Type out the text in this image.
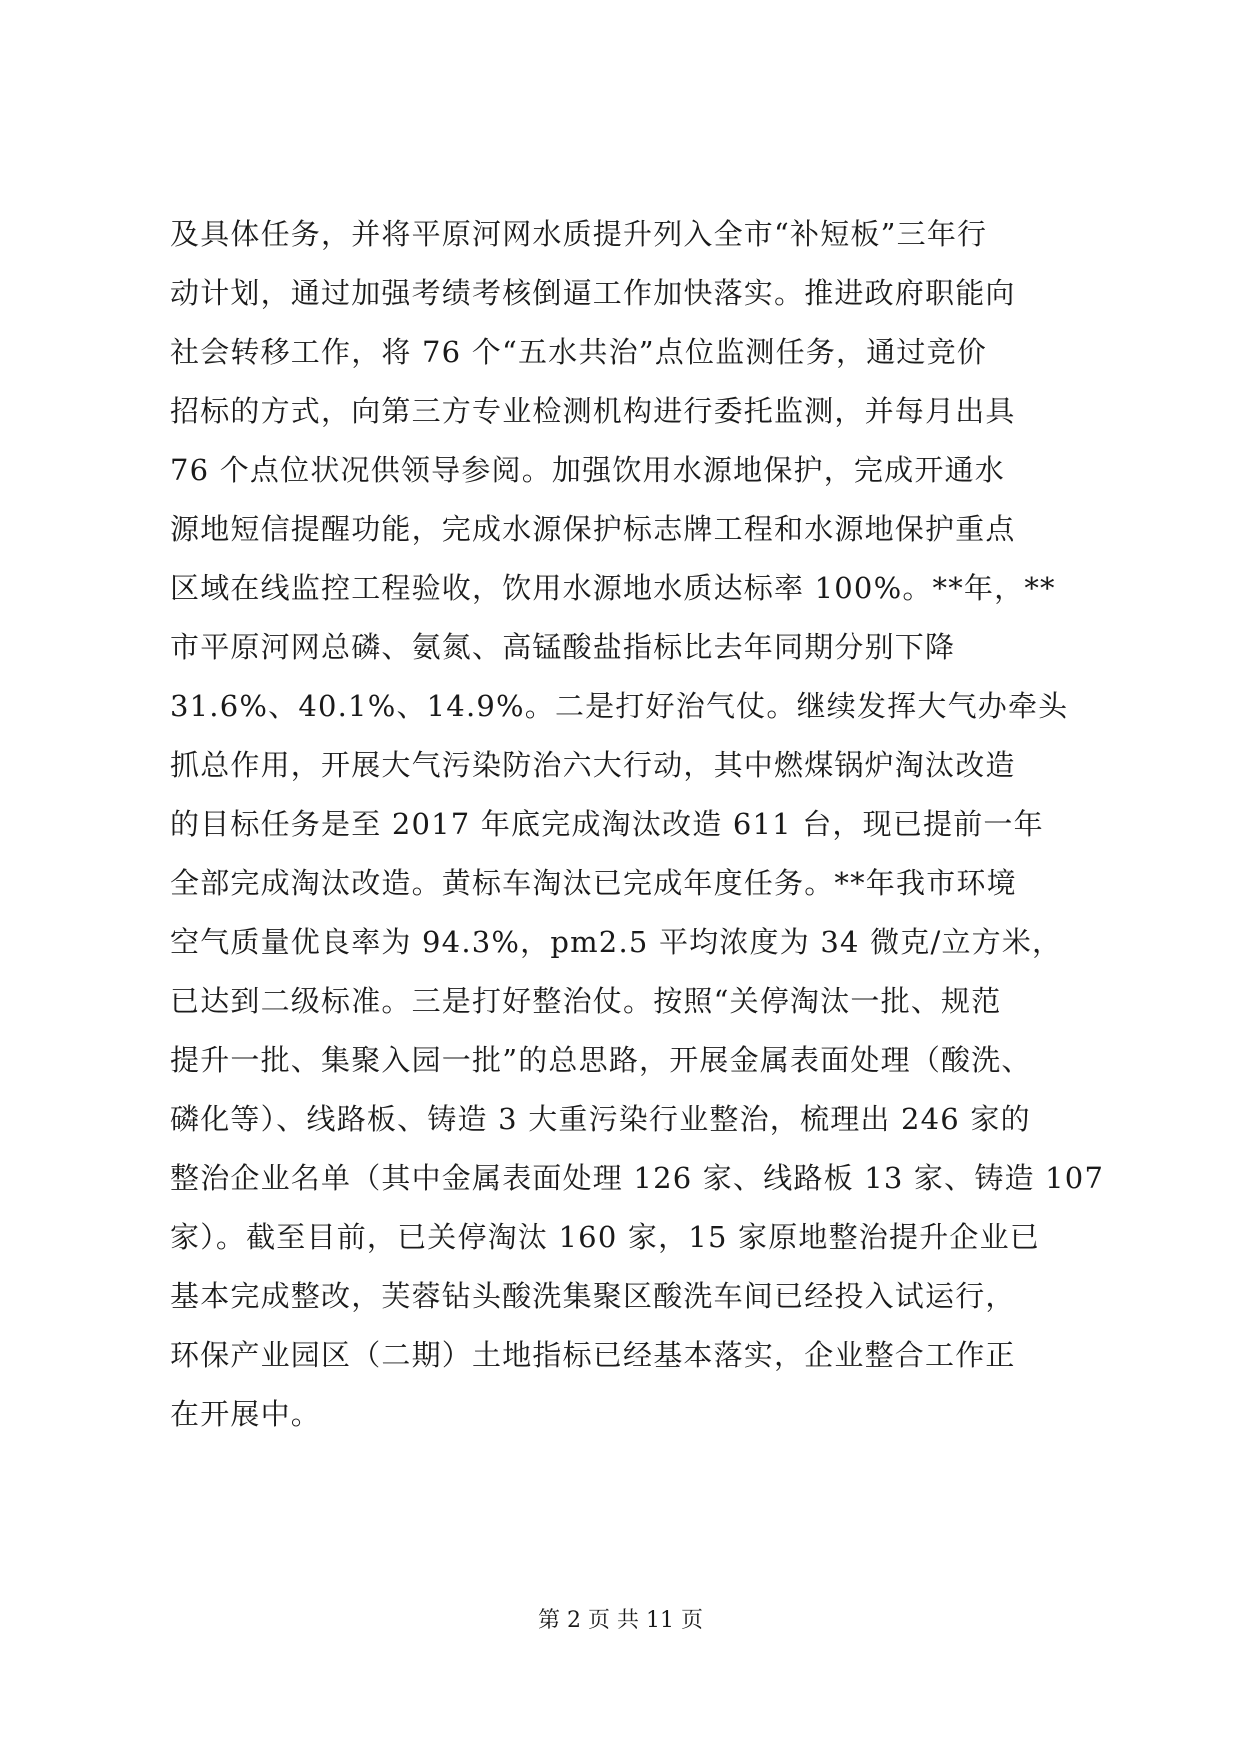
及具体任务，并将平原河网水质提升列入全市“补短板”三年行
动计划，通过加强考绩考核倒逼工作加快落实。推进政府职能向
社会转移工作，将 76 个“五水共治”点位监测任务，通过竞价
招标的方式，向第三方专业检测机构进行委托监测，并每月出具
76 个点位状况供领导参阅。加强饮用水源地保护，完成开通水
源地短信提醒功能，完成水源保护标志牌工程和水源地保护重点
区域在线监控工程验收，饮用水源地水质达标率 100%。**年，**
市平原河网总磷、氨氮、高锰酸盐指标比去年同期分别下降
31.6%、40.1%、14.9%。二是打好治气仗。继续发挥大气办牵头
抓总作用，开展大气污染防治六大行动，其中燃煤锅炉淘汰改造
的目标任务是至 2017 年底完成淘汰改造 611 台，现已提前一年
全部完成淘汰改造。黄标车淘汰已完成年度任务。**年我市环境
空气质量优良率为 94.3%，pm2.5 平均浓度为 34 微克/立方米，
已达到二级标准。三是打好整治仗。按照“关停淘汰一批、规范
提升一批、集聚入园一批”的总思路，开展金属表面处理（酸洗、
磷化等）、线路板、铸造 3 大重污染行业整治，梳理出 246 家的
整治企业名单（其中金属表面处理 126 家、线路板 13 家、铸造 107
家）。截至目前，已关停淘汰 160 家，15 家原地整治提升企业已
基本完成整改，芙蓉钻头酸洗集聚区酸洗车间已经投入试运行，
环保产业园区（二期）土地指标已经基本落实，企业整合工作正
在开展中。
第 2 页 共 11 页
